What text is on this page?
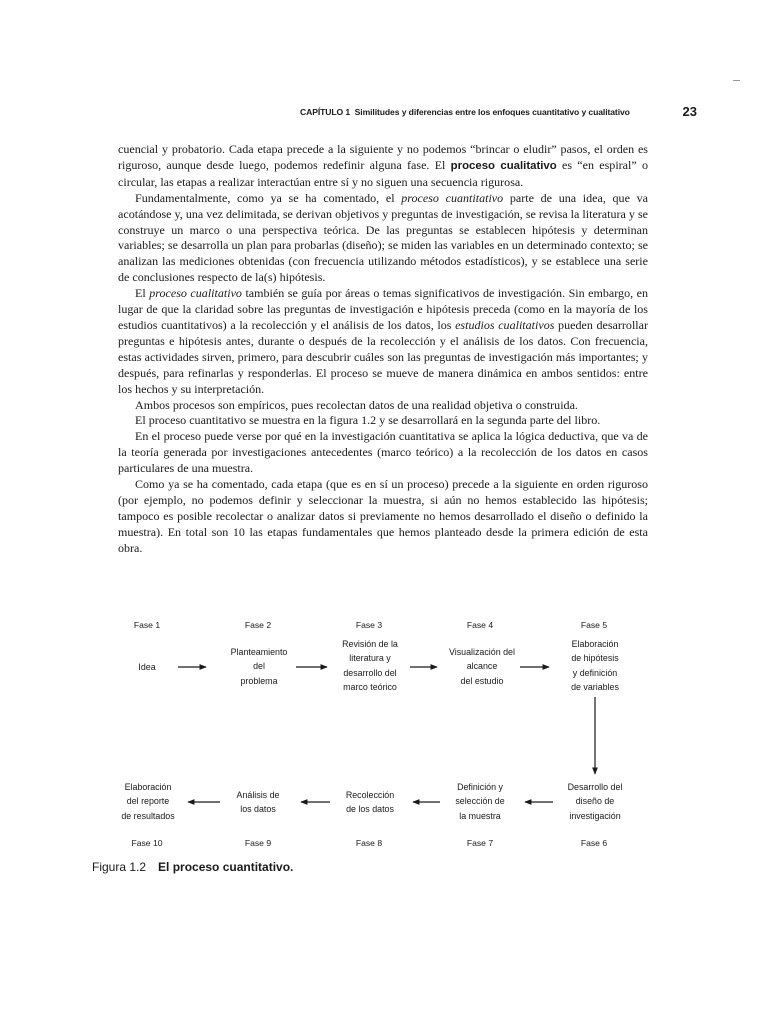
CAPÍTULO 1 Similitudes y diferencias entre los enfoques cuantitativo y cualitativo	23

cuencial y probatorio. Cada etapa precede a la siguiente y no podemos “brincar o eludir” pasos, el orden es riguroso, aunque desde luego, podemos redefinir alguna fase. El proceso cualitativo es “en espiral” o circular, las etapas a realizar interactúan entre sí y no siguen una secuencia rigurosa.

Fundamentalmente, como ya se ha comentado, el proceso cuantitativo parte de una idea, que va acotándose y, una vez delimitada, se derivan objetivos y preguntas de investigación, se revisa la literatura y se construye un marco o una perspectiva teórica. De las preguntas se establecen hipótesis y determinan variables; se desarrolla un plan para probarlas (diseño); se miden las variables en un determinado contexto; se analizan las mediciones obtenidas (con frecuencia utilizando métodos estadísticos), y se establece una serie de conclusiones respecto de la(s) hipótesis.

El proceso cualitativo también se guía por áreas o temas significativos de investigación. Sin embargo, en lugar de que la claridad sobre las preguntas de investigación e hipótesis preceda (como en la mayoría de los estudios cuantitativos) a la recolección y el análisis de los datos, los estudios cualitativos pueden desarrollar preguntas e hipótesis antes, durante o después de la recolección y el análisis de los datos. Con frecuencia, estas actividades sirven, primero, para descubrir cuáles son las preguntas de investigación más importantes; y después, para refinarlas y responderlas. El proceso se mueve de manera dinámica en ambos sentidos: entre los hechos y su interpretación.

Ambos procesos son empíricos, pues recolectan datos de una realidad objetiva o construida.

El proceso cuantitativo se muestra en la figura 1.2 y se desarrollará en la segunda parte del libro.

En el proceso puede verse por qué en la investigación cuantitativa se aplica la lógica deductiva, que va de la teoría generada por investigaciones antecedentes (marco teórico) a la recolección de los datos en casos particulares de una muestra.

Como ya se ha comentado, cada etapa (que es en sí un proceso) precede a la siguiente en orden riguroso (por ejemplo, no podemos definir y seleccionar la muestra, si aún no hemos establecido las hipótesis; tampoco es posible recolectar o analizar datos si previamente no hemos desarrollado el diseño o definido la muestra). En total son 10 las etapas fundamentales que hemos planteado desde la primera edición de esta obra.

Fase 1	Fase 2	Fase 3	Fase 4	Fase 5
Idea
Planteamiento
del
problema
Revisión de la
literatura y
desarrollo del
marco teórico
Visualización del
alcance
del estudio
Elaboración
de hipótesis
y definición
de variables
Elaboración
del reporte
de resultados
Análisis de
los datos
Recolección
de los datos
Definición y
selección de
la muestra
Desarrollo del
diseño de
investigación
Fase 10	Fase 9	Fase 8	Fase 7	Fase 6
Figura 1.2 El proceso cuantitativo.
